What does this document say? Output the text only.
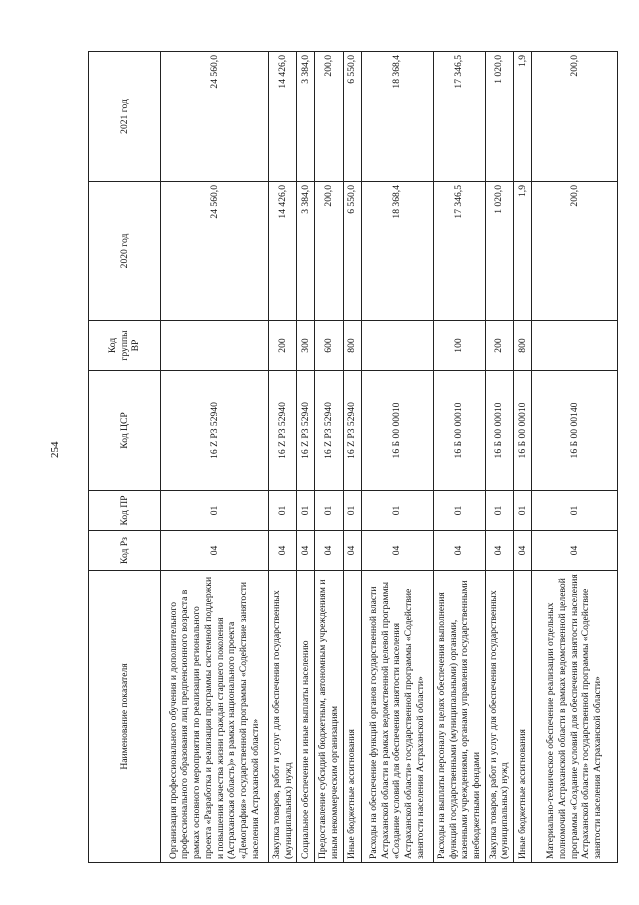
254
Наименование показателя	Код Рз	Код ПР	Код ЦСР	Код группы ВР	2020 год	2021 год
Организация профессионального обучения и дополнительного профессионального образования лиц предпенсионного возраста в рамках основного мероприятия по реализации регионального проекта «Разработка и реализация программы системной поддержки и повышения качества жизни граждан старшего поколения (Астраханская область)» в рамках национального проекта «Демография» государственной программы «Содействие занятости населения Астраханской области»	04	01	16 Z P3 52940		24 560,0	24 560,0
Закупка товаров, работ и услуг для обеспечения государственных (муниципальных) нужд	04	01	16 Z P3 52940	200	14 426,0	14 426,0
Социальное обеспечение и иные выплаты населению	04	01	16 Z P3 52940	300	3 384,0	3 384,0
Предоставление субсидий бюджетным, автономным учреждениям и иным некоммерческим организациям	04	01	16 Z P3 52940	600	200,0	200,0
Иные бюджетные ассигнования	04	01	16 Z P3 52940	800	6 550,0	6 550,0
Расходы на обеспечение функций органов государственной власти Астраханской области в рамках ведомственной целевой программы «Создание условий для обеспечения занятости населения Астраханской области» государственной программы «Содействие занятости населения Астраханской области»	04	01	16 Б 00 00010		18 368,4	18 368,4
Расходы на выплаты персоналу в целях обеспечения выполнения функций государственными (муниципальными) органами, казенными учреждениями, органами управления государственными внебюджетными фондами	04	01	16 Б 00 00010	100	17 346,5	17 346,5
Закупка товаров, работ и услуг для обеспечения государственных (муниципальных) нужд	04	01	16 Б 00 00010	200	1 020,0	1 020,0
Иные бюджетные ассигнования	04	01	16 Б 00 00010	800	1,9	1,9
Материально-техническое обеспечение реализации отдельных полномочий Астраханской области в рамках ведомственной целевой программы «Создание условий для обеспечения занятости населения Астраханской области» государственной программы «Содействие занятости населения Астраханской области»	04	01	16 Б 00 00140		200,0	200,0
